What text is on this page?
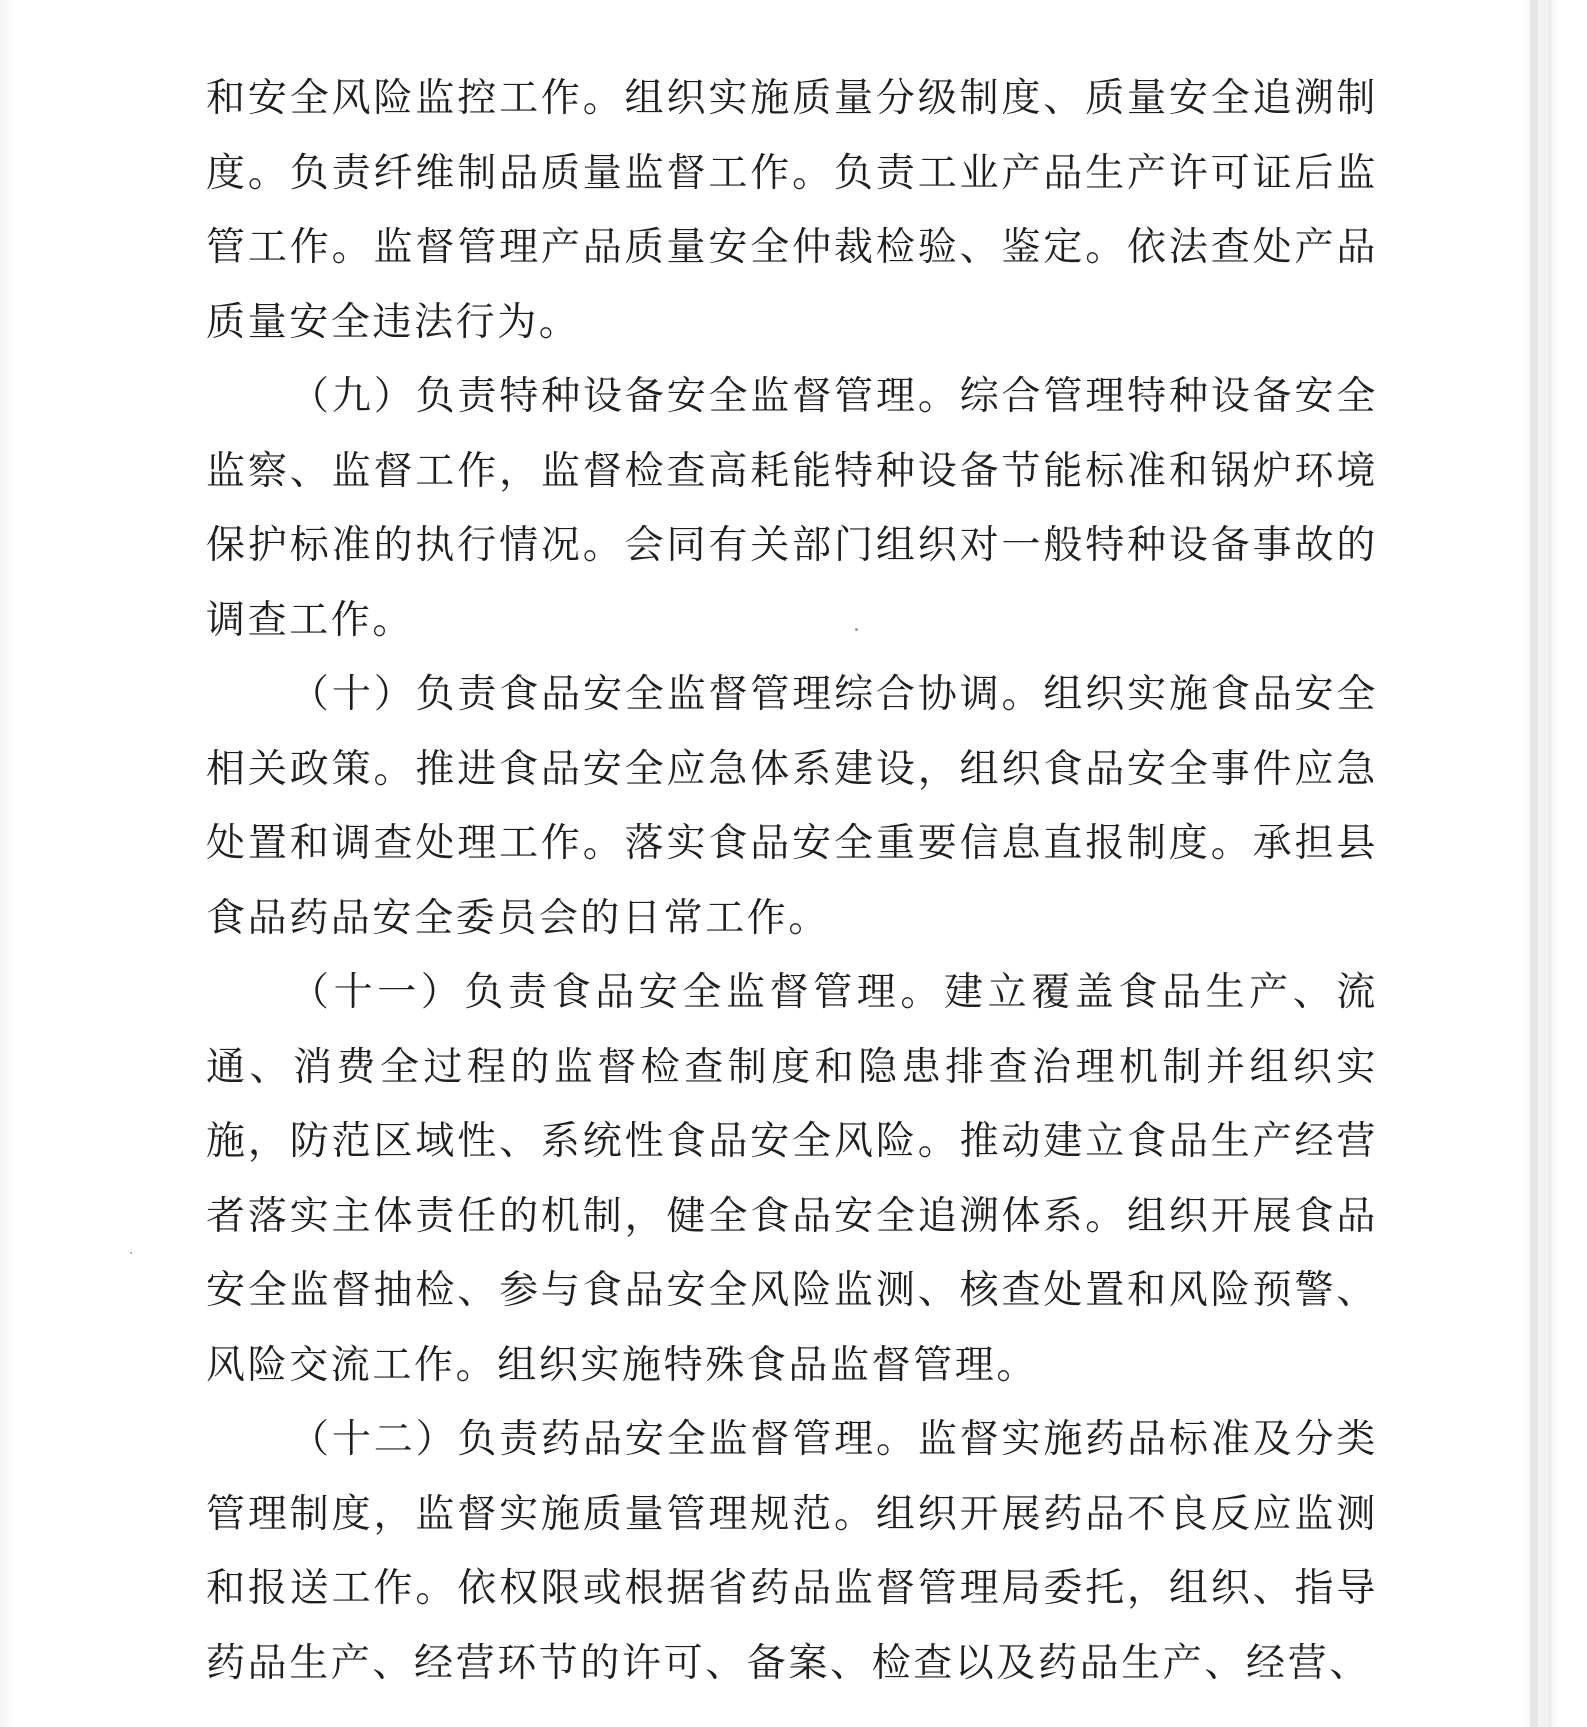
和安全风险监控工作。组织实施质量分级制度、质量安全追溯制度。负责纤维制品质量监督工作。负责工业产品生产许可证后监管工作。监督管理产品质量安全仲裁检验、鉴定。依法查处产品质量安全违法行为。

（九）负责特种设备安全监督管理。综合管理特种设备安全监察、监督工作，监督检查高耗能特种设备节能标准和锅炉环境保护标准的执行情况。会同有关部门组织对一般特种设备事故的调查工作。

（十）负责食品安全监督管理综合协调。组织实施食品安全相关政策。推进食品安全应急体系建设，组织食品安全事件应急处置和调查处理工作。落实食品安全重要信息直报制度。承担县食品药品安全委员会的日常工作。

（十一）负责食品安全监督管理。建立覆盖食品生产、流通、消费全过程的监督检查制度和隐患排查治理机制并组织实施，防范区域性、系统性食品安全风险。推动建立食品生产经营者落实主体责任的机制，健全食品安全追溯体系。组织开展食品安全监督抽检、参与食品安全风险监测、核查处置和风险预警、风险交流工作。组织实施特殊食品监督管理。

（十二）负责药品安全监督管理。监督实施药品标准及分类管理制度，监督实施质量管理规范。组织开展药品不良反应监测和报送工作。依权限或根据省药品监督管理局委托，组织、指导药品生产、经营环节的许可、备案、检查以及药品生产、经营、
